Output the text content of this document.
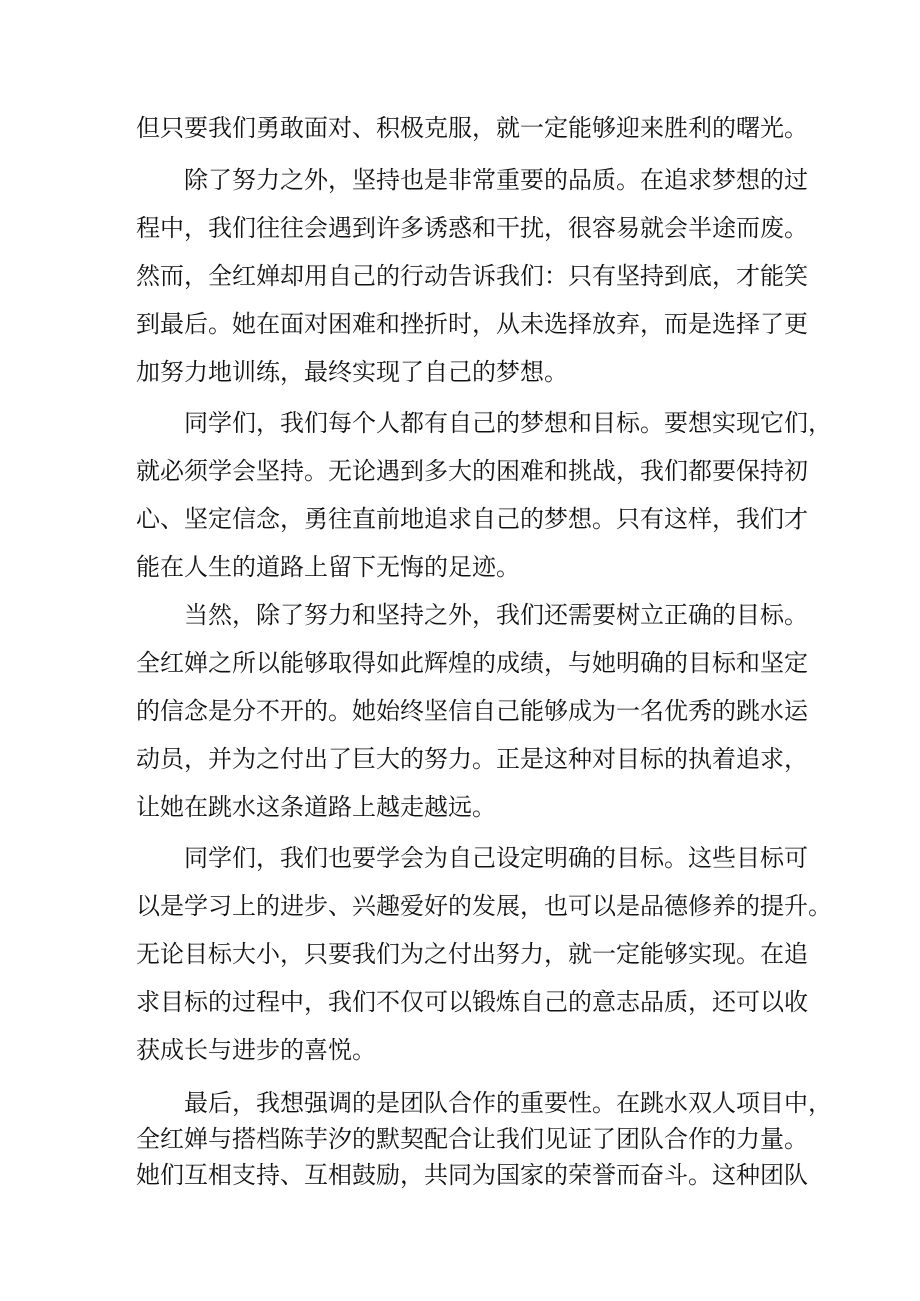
但只要我们勇敢面对、积极克服，就一定能够迎来胜利的曙光。
除了努力之外，坚持也是非常重要的品质。在追求梦想的过
程中，我们往往会遇到许多诱惑和干扰，很容易就会半途而废。
然而，全红婵却用自己的行动告诉我们：只有坚持到底，才能笑
到最后。她在面对困难和挫折时，从未选择放弃，而是选择了更
加努力地训练，最终实现了自己的梦想。
同学们，我们每个人都有自己的梦想和目标。要想实现它们，
就必须学会坚持。无论遇到多大的困难和挑战，我们都要保持初
心、坚定信念，勇往直前地追求自己的梦想。只有这样，我们才
能在人生的道路上留下无悔的足迹。
当然，除了努力和坚持之外，我们还需要树立正确的目标。
全红婵之所以能够取得如此辉煌的成绩，与她明确的目标和坚定
的信念是分不开的。她始终坚信自己能够成为一名优秀的跳水运
动员，并为之付出了巨大的努力。正是这种对目标的执着追求，
让她在跳水这条道路上越走越远。
同学们，我们也要学会为自己设定明确的目标。这些目标可
以是学习上的进步、兴趣爱好的发展，也可以是品德修养的提升。
无论目标大小，只要我们为之付出努力，就一定能够实现。在追
求目标的过程中，我们不仅可以锻炼自己的意志品质，还可以收
获成长与进步的喜悦。
最后，我想强调的是团队合作的重要性。在跳水双人项目中，
全红婵与搭档陈芋汐的默契配合让我们见证了团队合作的力量。
她们互相支持、互相鼓励，共同为国家的荣誉而奋斗。这种团队
